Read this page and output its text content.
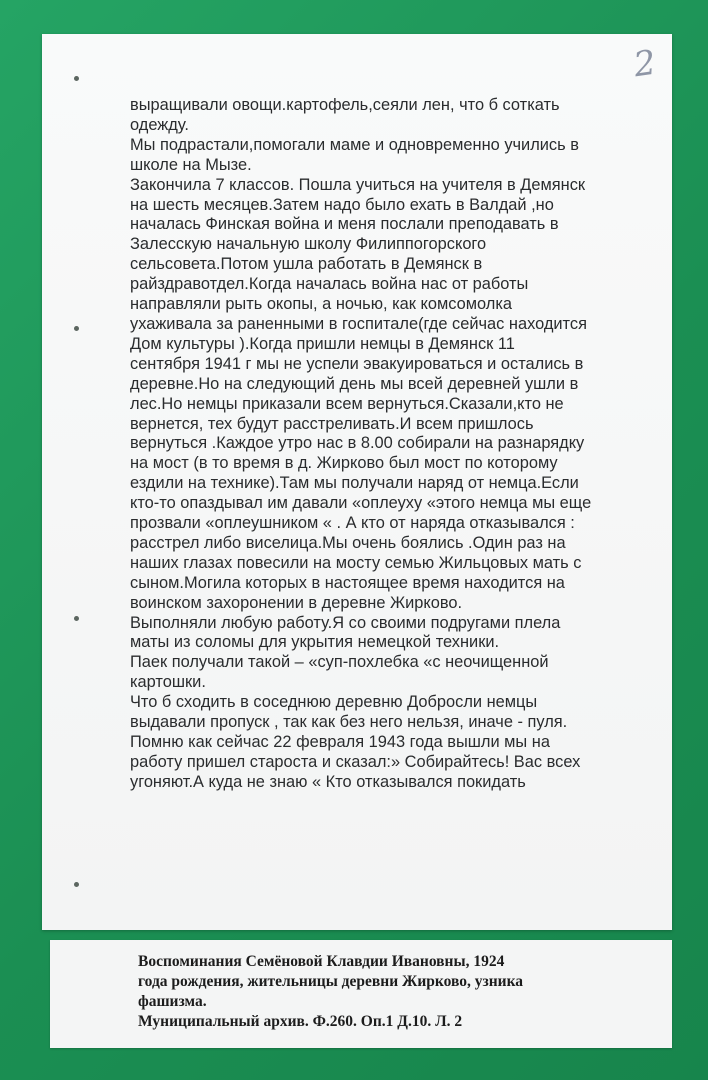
2
выращивали овощи.картофель,сеяли лен, что б соткать
одежду.
Мы подрастали,помогали маме и одновременно учились в
школе на Мызе.
Закончила 7 классов. Пошла учиться на учителя в Демянск
на шесть месяцев.Затем надо было ехать в Валдай ,но
началась Финская война и меня послали преподавать в
Залесскую начальную школу Филиппогорского
сельсовета.Потом ушла работать в Демянск в
райздравотдел.Когда началась война нас от работы
направляли рыть окопы, а ночью, как комсомолка
ухаживала за раненными в госпитале(где сейчас находится
Дом культуры ).Когда пришли немцы в Демянск 11
сентября 1941 г мы не успели эвакуироваться и остались в
деревне.Но на следующий день мы всей деревней ушли в
лес.Но немцы приказали всем вернуться.Сказали,кто не
вернется, тех будут расстреливать.И всем пришлось
вернуться .Каждое утро нас в 8.00 собирали на разнарядку
на мост (в то время в д. Жирково был мост по которому
ездили на технике).Там мы получали наряд от немца.Если
кто-то опаздывал им давали «оплеуху «этого немца мы еще
прозвали «оплеушником « . А кто от наряда отказывался :
расстрел либо виселица.Мы очень боялись .Один раз на
наших глазах повесили на мосту семью Жильцовых мать с
сыном.Могила которых в настоящее время находится на
воинском захоронении в деревне Жирково.
Выполняли любую работу.Я со своими подругами плела
маты из соломы для укрытия немецкой техники.
Паек получали такой – «суп-похлебка «с неочищенной
картошки.
Что б сходить в соседнюю деревню Добросли немцы
выдавали пропуск , так как без него нельзя, иначе - пуля.
Помню как сейчас 22 февраля 1943 года вышли мы на
работу пришел староста и сказал:» Собирайтесь! Вас всех
угоняют.А куда не знаю « Кто отказывался покидать
Воспоминания Семёновой Клавдии Ивановны, 1924
года рождения, жительницы деревни Жирково, узника
фашизма.
Муниципальный архив. Ф.260. Оп.1 Д.10. Л. 2
